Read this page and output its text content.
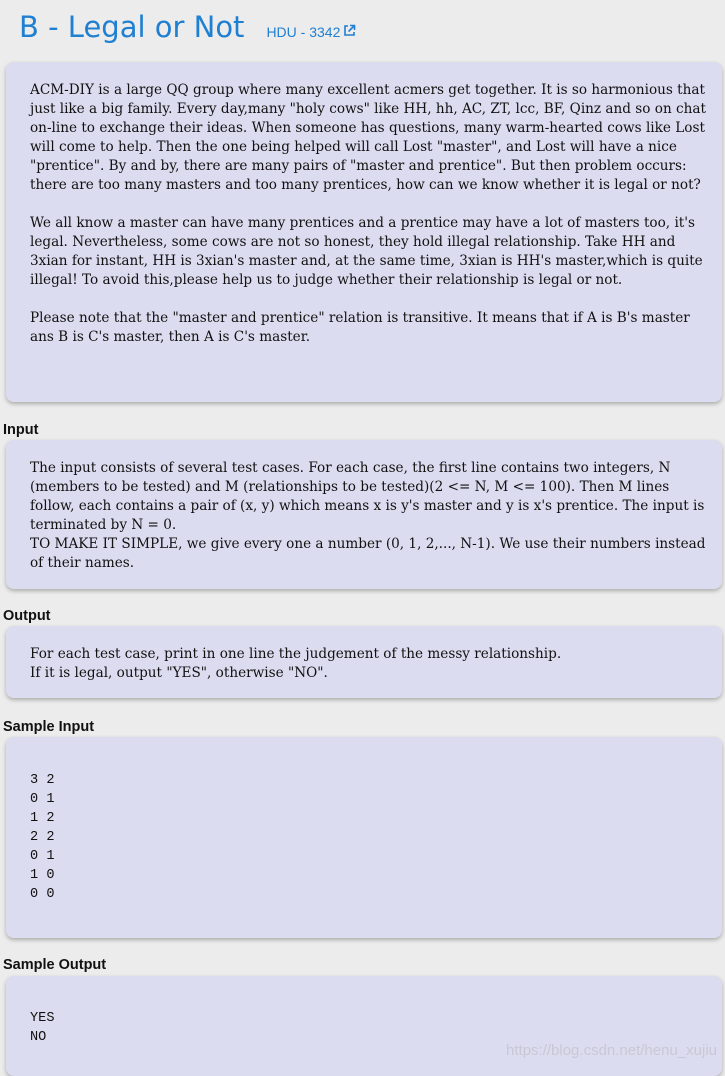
B - Legal or Not HDU - 3342

ACM-DIY is a large QQ group where many excellent acmers get together. It is so harmonious that just like a big family. Every day,many "holy cows" like HH, hh, AC, ZT, lcc, BF, Qinz and so on chat on-line to exchange their ideas. When someone has questions, many warm-hearted cows like Lost will come to help. Then the one being helped will call Lost "master", and Lost will have a nice "prentice". By and by, there are many pairs of "master and prentice". But then problem occurs: there are too many masters and too many prentices, how can we know whether it is legal or not?

We all know a master can have many prentices and a prentice may have a lot of masters too, it's legal. Nevertheless, some cows are not so honest, they hold illegal relationship. Take HH and 3xian for instant, HH is 3xian's master and, at the same time, 3xian is HH's master,which is quite illegal! To avoid this,please help us to judge whether their relationship is legal or not.

Please note that the "master and prentice" relation is transitive. It means that if A is B's master ans B is C's master, then A is C's master.

Input

The input consists of several test cases. For each case, the first line contains two integers, N (members to be tested) and M (relationships to be tested)(2 <= N, M <= 100). Then M lines follow, each contains a pair of (x, y) which means x is y's master and y is x's prentice. The input is terminated by N = 0.
TO MAKE IT SIMPLE, we give every one a number (0, 1, 2,..., N-1). We use their numbers instead of their names.

Output

For each test case, print in one line the judgement of the messy relationship.
If it is legal, output "YES", otherwise "NO".

Sample Input
3 2
0 1
1 2
2 2
0 1
1 0
0 0
Sample Output
YES
NO
https://blog.csdn.net/henu_xujiu
